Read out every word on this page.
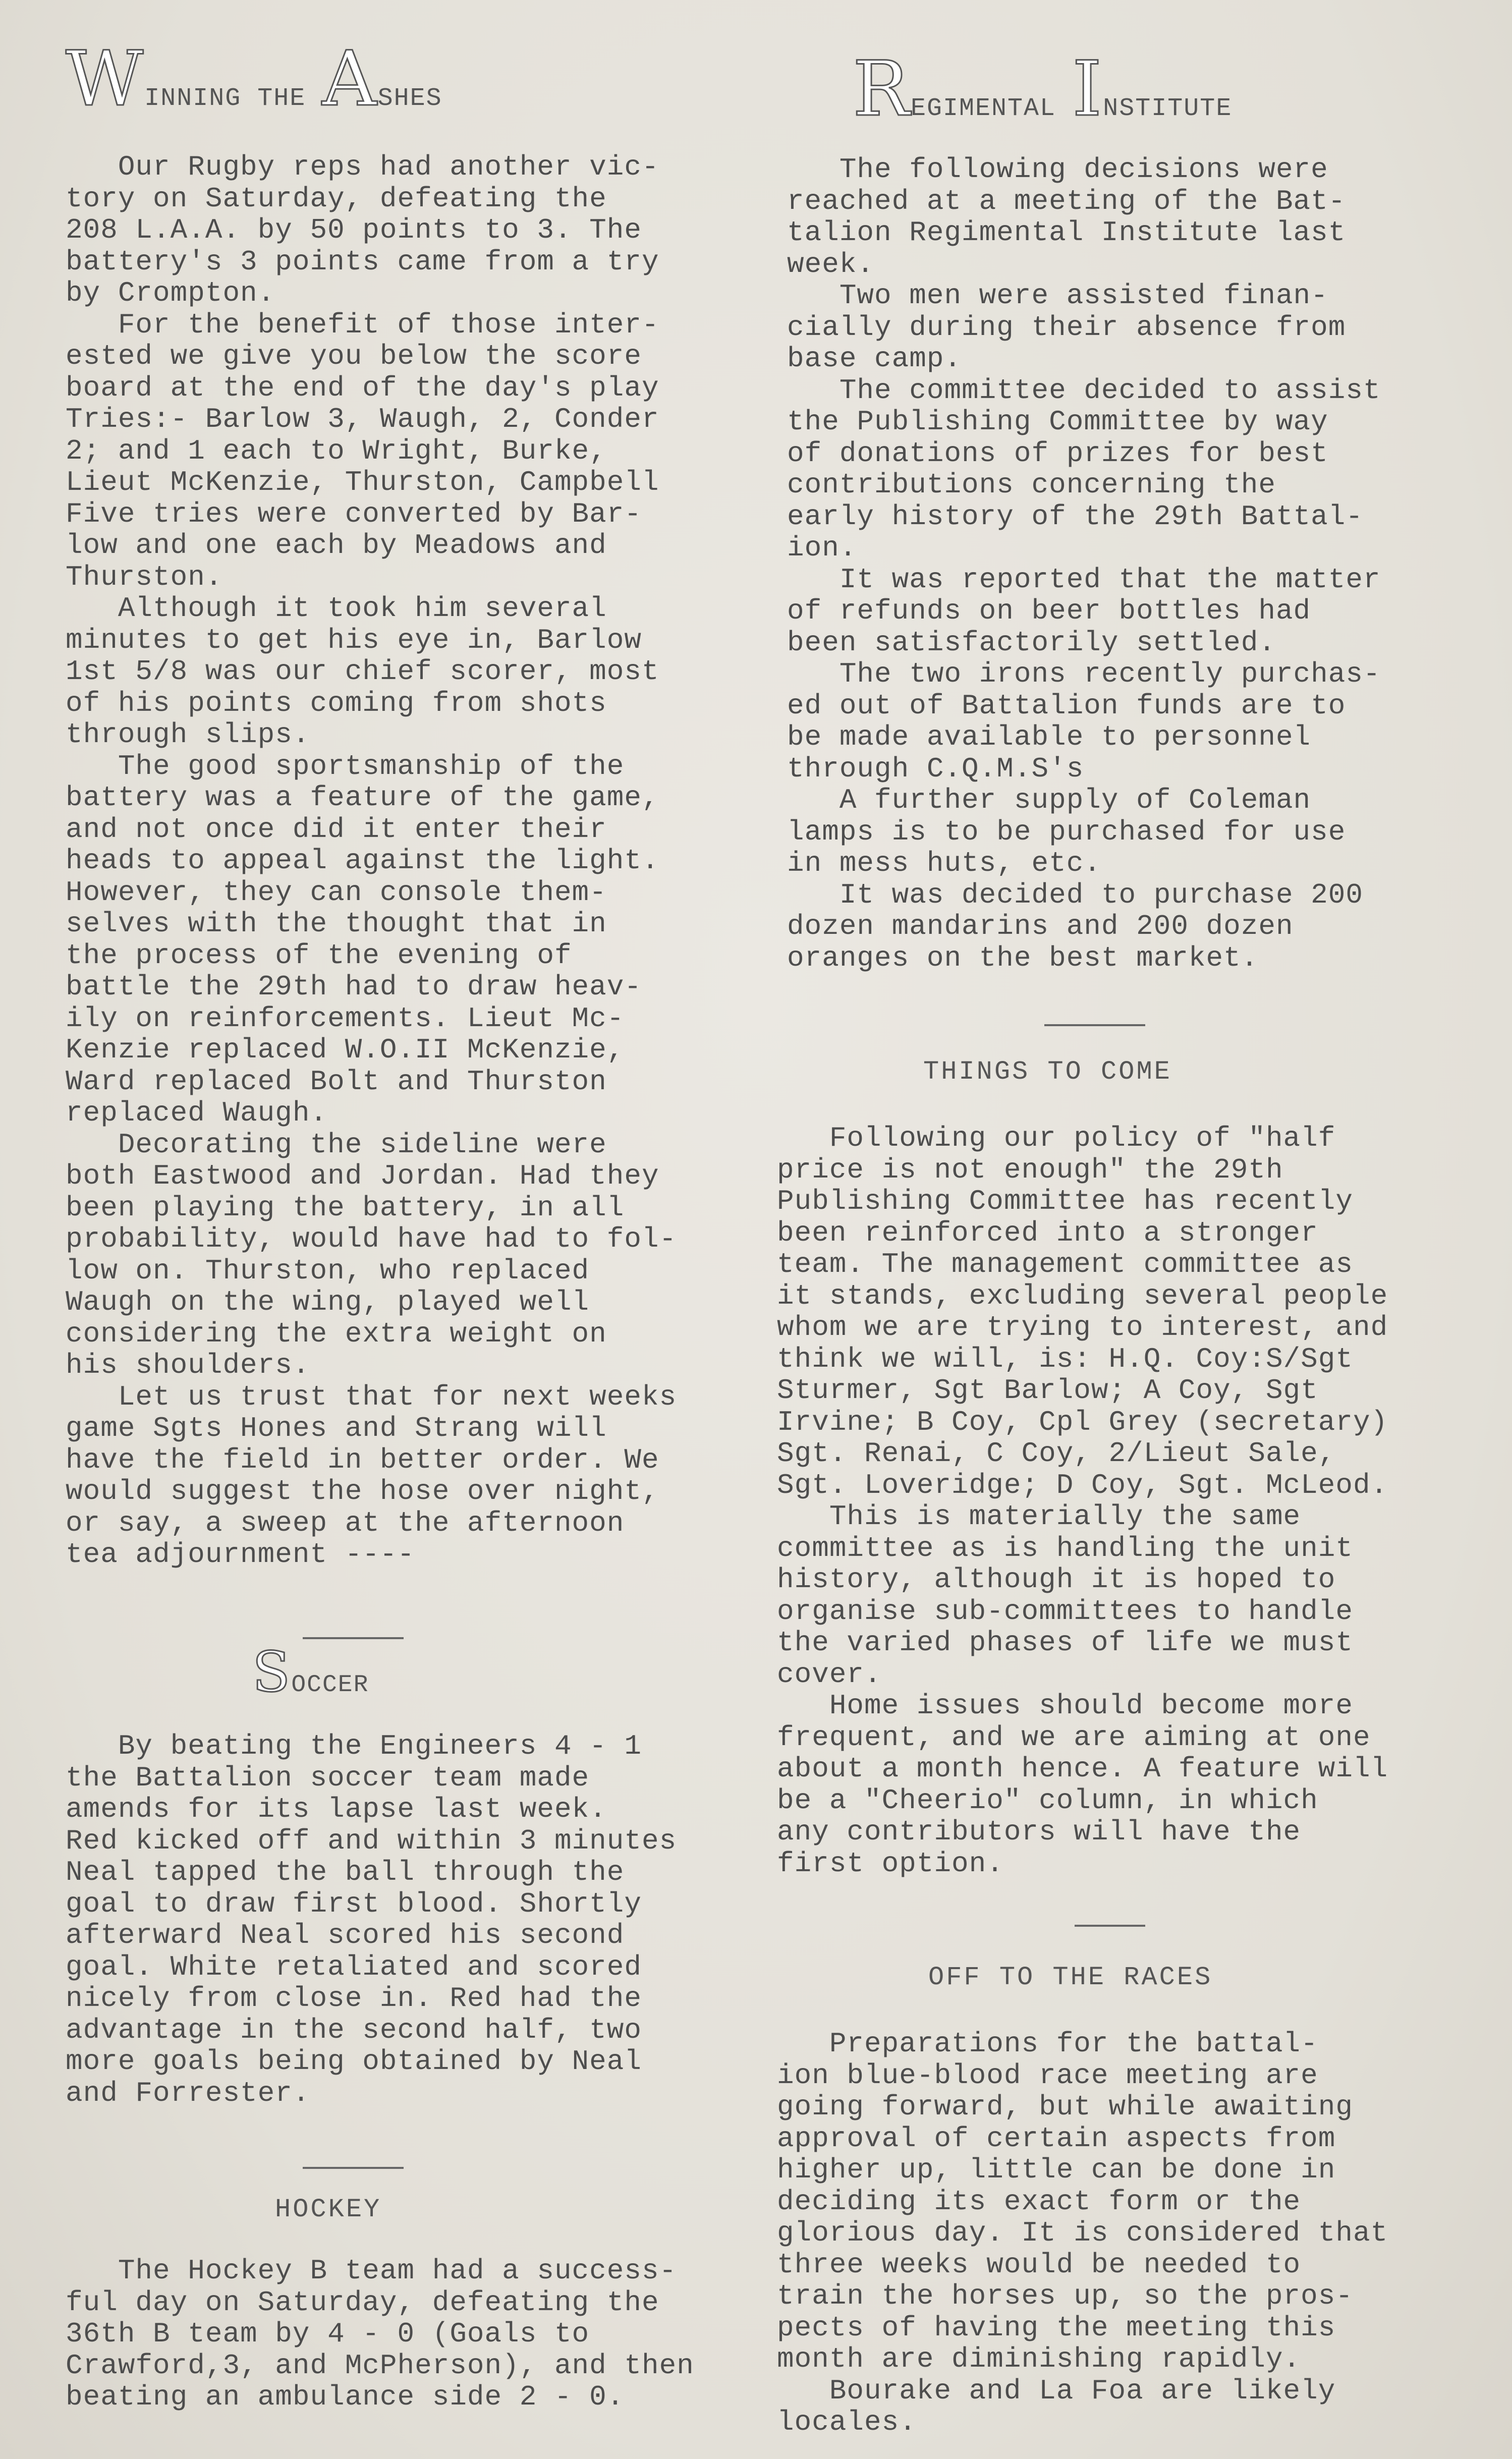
WINNING THE ASHES

Our Rugby reps had another vic-
tory on Saturday, defeating the
208 L.A.A. by 50 points to 3. The
battery's 3 points came from a try
by Crompton.
For the benefit of those inter-
ested we give you below the score
board at the end of the day's play
Tries:- Barlow 3, Waugh, 2, Conder
2; and 1 each to Wright, Burke,
Lieut McKenzie, Thurston, Campbell
Five tries were converted by Bar-
low and one each by Meadows and
Thurston.
Although it took him several
minutes to get his eye in, Barlow
1st 5/8 was our chief scorer, most
of his points coming from shots
through slips.
The good sportsmanship of the
battery was a feature of the game,
and not once did it enter their
heads to appeal against the light.
However, they can console them-
selves with the thought that in
the process of the evening of
battle the 29th had to draw heav-
ily on reinforcements. Lieut Mc-
Kenzie replaced W.O.II McKenzie,
Ward replaced Bolt and Thurston
replaced Waugh.
Decorating the sideline were
both Eastwood and Jordan. Had they
been playing the battery, in all
probability, would have had to fol-
low on. Thurston, who replaced
Waugh on the wing, played well
considering the extra weight on
his shoulders.
Let us trust that for next weeks
game Sgts Hones and Strang will
have the field in better order. We
would suggest the hose over night,
or say, a sweep at the afternoon
tea adjournment ----

SOCCER

By beating the Engineers 4 - 1
the Battalion soccer team made
amends for its lapse last week.
Red kicked off and within 3 minutes
Neal tapped the ball through the
goal to draw first blood. Shortly
afterward Neal scored his second
goal. White retaliated and scored
nicely from close in. Red had the
advantage in the second half, two
more goals being obtained by Neal
and Forrester.

HOCKEY

The Hockey B team had a success-
ful day on Saturday, defeating the
36th B team by 4 - 0 (Goals to
Crawford,3, and McPherson), and then
beating an ambulance side 2 - 0.

REGIMENTAL INSTITUTE

The following decisions were
reached at a meeting of the Bat-
talion Regimental Institute last
week.
Two men were assisted finan-
cially during their absence from
base camp.
The committee decided to assist
the Publishing Committee by way
of donations of prizes for best
contributions concerning the
early history of the 29th Battal-
ion.
It was reported that the matter
of refunds on beer bottles had
been satisfactorily settled.
The two irons recently purchas-
ed out of Battalion funds are to
be made available to personnel
through C.Q.M.S's
A further supply of Coleman
lamps is to be purchased for use
in mess huts, etc.
It was decided to purchase 200
dozen mandarins and 200 dozen
oranges on the best market.

THINGS TO COME

Following our policy of "half
price is not enough" the 29th
Publishing Committee has recently
been reinforced into a stronger
team. The management committee as
it stands, excluding several people
whom we are trying to interest, and
think we will, is: H.Q. Coy:S/Sgt
Sturmer, Sgt Barlow; A Coy, Sgt
Irvine; B Coy, Cpl Grey (secretary)
Sgt. Renai, C Coy, 2/Lieut Sale,
Sgt. Loveridge; D Coy, Sgt. McLeod.
This is materially the same
committee as is handling the unit
history, although it is hoped to
organise sub-committees to handle
the varied phases of life we must
cover.
Home issues should become more
frequent, and we are aiming at one
about a month hence. A feature will
be a "Cheerio" column, in which
any contributors will have the
first option.

OFF TO THE RACES

Preparations for the battal-
ion blue-blood race meeting are
going forward, but while awaiting
approval of certain aspects from
higher up, little can be done in
deciding its exact form or the
glorious day. It is considered that
three weeks would be needed to
train the horses up, so the pros-
pects of having the meeting this
month are diminishing rapidly.
Bourake and La Foa are likely
locales.
